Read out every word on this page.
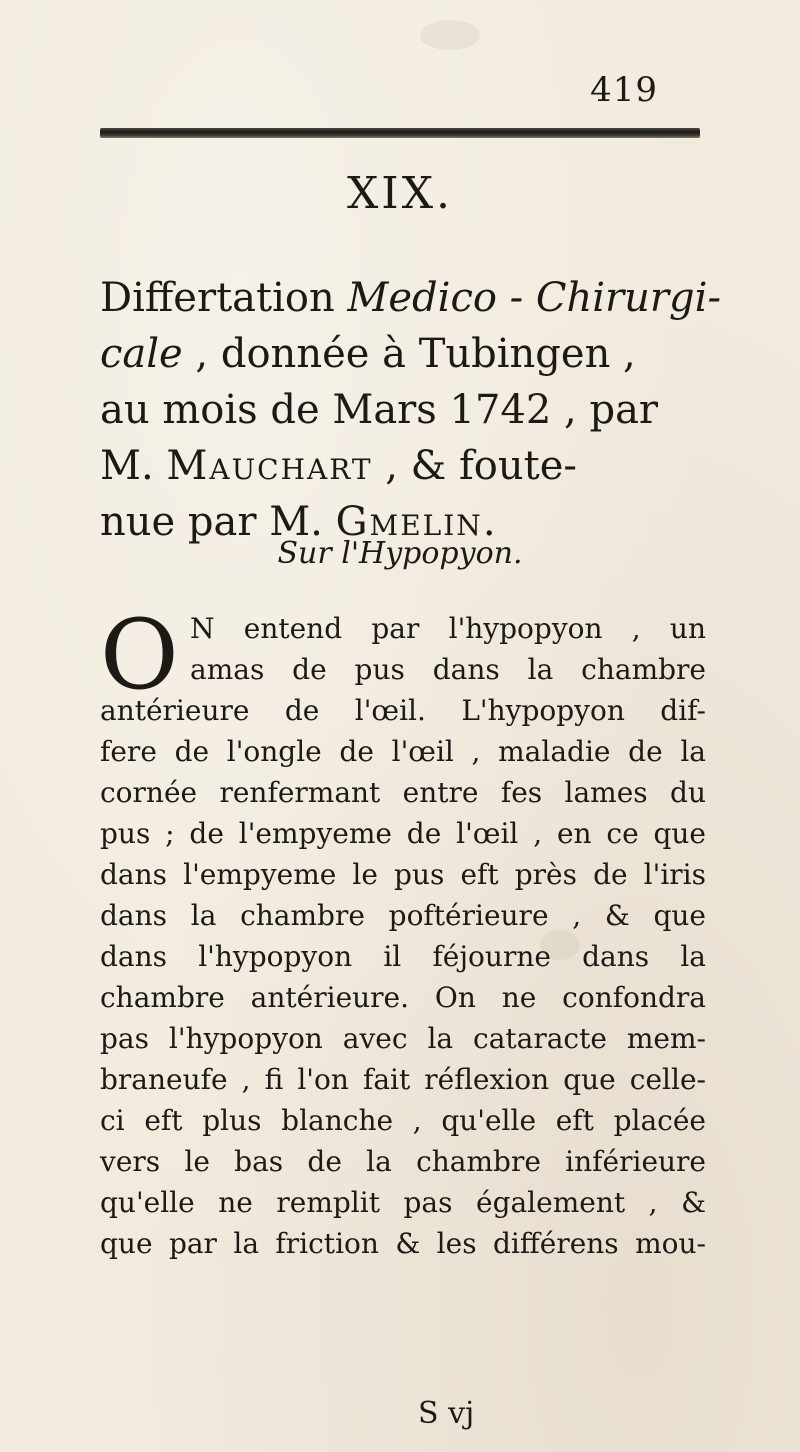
419
XIX.
Differtation Medico - Chirurgi-
cale , donnée à Tubingen ,
au mois de Mars 1742 , par
M. Mauchart , & foute-
nue par M. Gmelin.
Sur l'Hypopyon.
O N entend par l'hypopyon , un
amas de pus dans la chambre
antérieure de l'œil. L'hypopyon dif-
fere de l'ongle de l'œil , maladie de la
cornée renfermant entre fes lames du
pus ; de l'empyeme de l'œil , en ce que
dans l'empyeme le pus eft près de l'iris
dans la chambre poftérieure , & que
dans l'hypopyon il féjourne dans la
chambre antérieure. On ne confondra
pas l'hypopyon avec la cataracte mem-
braneufe , fi l'on fait réflexion que celle-
ci eft plus blanche , qu'elle eft placée
vers le bas de la chambre inférieure
qu'elle ne remplit pas également , &
que par la friction & les différens mou-
S vj
